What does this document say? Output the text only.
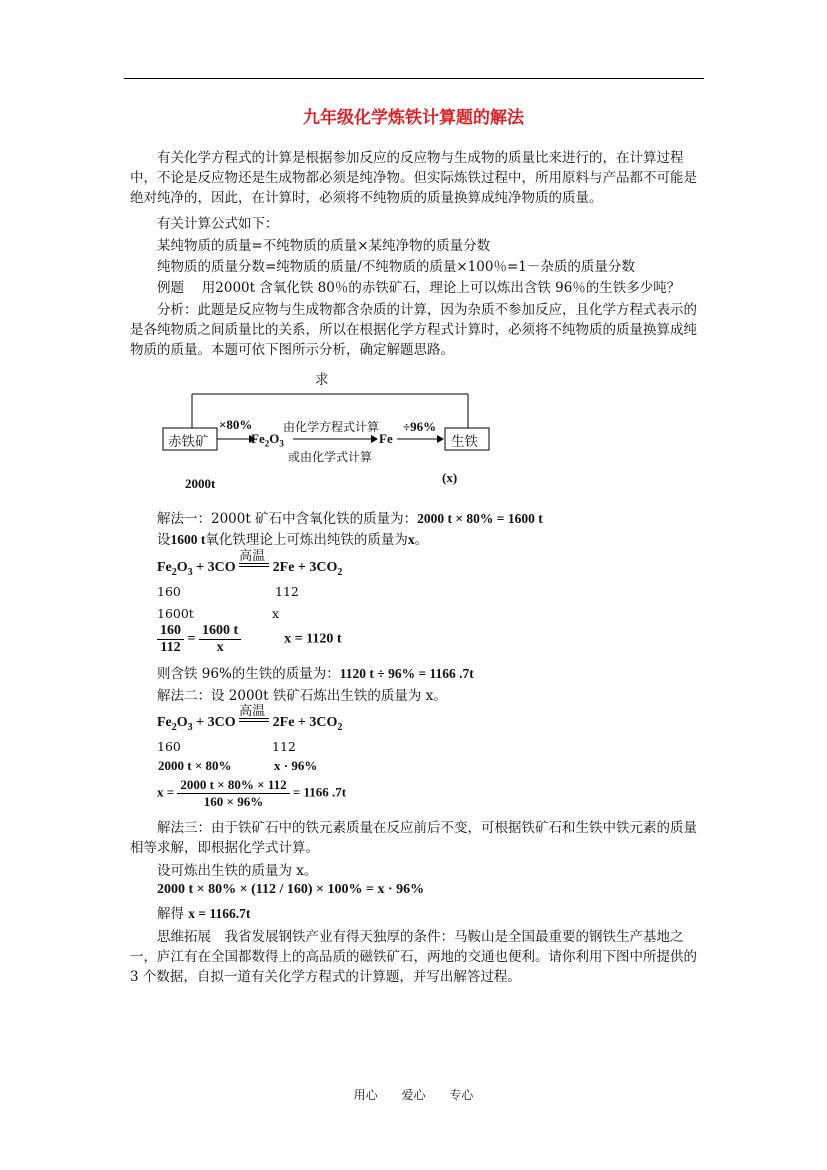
九年级化学炼铁计算题的解法

有关化学方程式的计算是根据参加反应的反应物与生成物的质量比来进行的，在计算过程中，不论是反应物还是生成物都必须是纯净物。但实际炼铁过程中，所用原料与产品都不可能是绝对纯净的，因此，在计算时，必须将不纯物质的质量换算成纯净物质的质量。

有关计算公式如下：

某纯物质的质量=不纯物质的质量×某纯净物的质量分数

纯物质的质量分数=纯物质的质量/不纯物质的质量×100％=1－杂质的质量分数

例题　 用2000t 含氧化铁 80％的赤铁矿石，理论上可以炼出含铁 96％的生铁多少吨？

分析：此题是反应物与生成物都含杂质的计算，因为杂质不参加反应，且化学方程式表示的是各纯物质之间质量比的关系，所以在根据化学方程式计算时，必须将不纯物质的质量换算成纯物质的质量。本题可依下图所示分析，确定解题思路。

求
赤铁矿
×80%
$Fe_2O_3$
由化学方程式计算
或由化学式计算
Fe
÷96%
生铁
2000t	(x)

解法一：2000t 矿石中含氧化铁的质量为：2000 t × 80% = 1600 t

设1600 t氧化铁理论上可炼出纯铁的质量为x。

$Fe_2O_3 + 3CO$
高温
$2Fe + 3CO_2$
160	112
1600t	x
$\frac{160}{112} = \frac{1600 t}{x}$	x = 1120 t

则含铁 96%的生铁的质量为：1120 t ÷ 96% = 1166 .7t

解法二：设 2000t 铁矿石炼出生铁的质量为 x。

$Fe_2O_3 + 3CO$
高温
$2Fe + 3CO_2$
160	112
2000 t × 80%	x · 96%
$x = \frac{2000 t \times 80\% \times 112}{160 \times 96\%} = 1166$ .7t

解法三：由于铁矿石中的铁元素质量在反应前后不变，可根据铁矿石和生铁中铁元素的质量相等求解，即根据化学式计算。

设可炼出生铁的质量为 x。

2000 t × 80% × (112 / 160) × 100% = x · 96%

解得 x = 1166.7t

思维拓展　我省发展钢铁产业有得天独厚的条件：马鞍山是全国最重要的钢铁生产基地之一，庐江有在全国都数得上的高品质的磁铁矿石，两地的交通也便利。请你利用下图中所提供的 3 个数据，自拟一道有关化学方程式的计算题，并写出解答过程。

用心 爱心 专心
